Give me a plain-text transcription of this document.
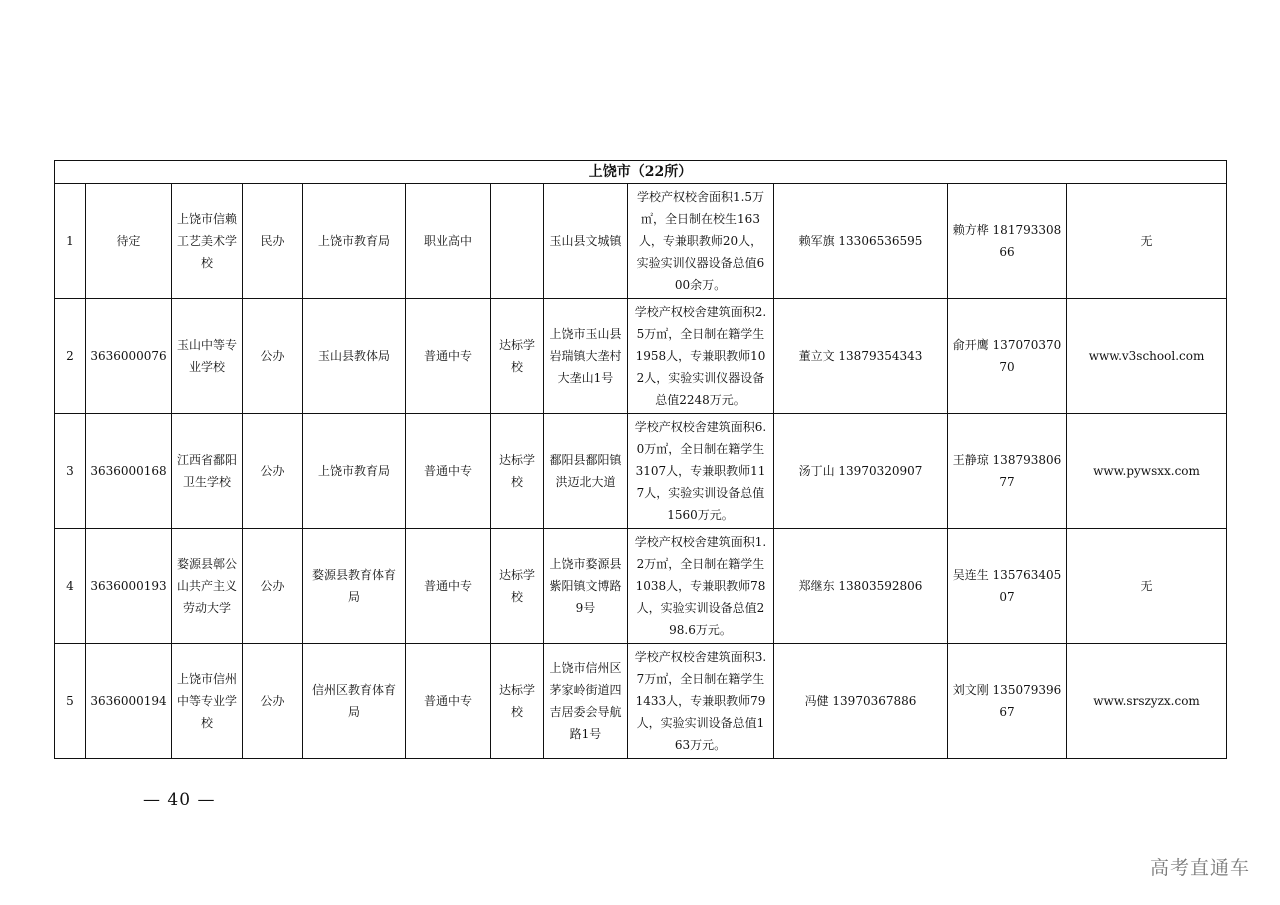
上饶市（22所）											
1	待定	上饶市信赖工艺美术学校	民办	上饶市教育局	职业高中		玉山县文城镇	学校产权校舍面积1.5万㎡，全日制在校生163人，专兼职教师20人，实验实训仪器设备总值600余万。	赖军旗 13306536595	赖方桦 18179330866	无
2	3636000076	玉山中等专业学校	公办	玉山县教体局	普通中专	达标学校	上饶市玉山县岩瑞镇大垄村大垄山1号	学校产权校舍建筑面积2.5万㎡，全日制在籍学生1958人，专兼职教师102人，实验实训仪器设备总值2248万元。	董立文 13879354343	俞开鹰 13707037070	www.v3school.com
3	3636000168	江西省鄱阳卫生学校	公办	上饶市教育局	普通中专	达标学校	鄱阳县鄱阳镇洪迈北大道	学校产权校舍建筑面积6.0万㎡，全日制在籍学生3107人，专兼职教师117人，实验实训设备总值1560万元。	汤丁山 13970320907	王静琼 13879380677	www.pywsxx.com
4	3636000193	婺源县鄣公山共产主义劳动大学	公办	婺源县教育体育局	普通中专	达标学校	上饶市婺源县紫阳镇文博路9号	学校产权校舍建筑面积1.2万㎡，全日制在籍学生1038人，专兼职教师78人，实验实训设备总值298.6万元。	郑继东 13803592806	吴连生 13576340507	无
5	3636000194	上饶市信州中等专业学校	公办	信州区教育体育局	普通中专	达标学校	上饶市信州区茅家岭街道四吉居委会导航路1号	学校产权校舍建筑面积3.7万㎡，全日制在籍学生1433人，专兼职教师79人，实验实训设备总值163万元。	冯健 13970367886	刘文刚 13507939667	www.srszyzx.com
— 40 —
高考直通车
